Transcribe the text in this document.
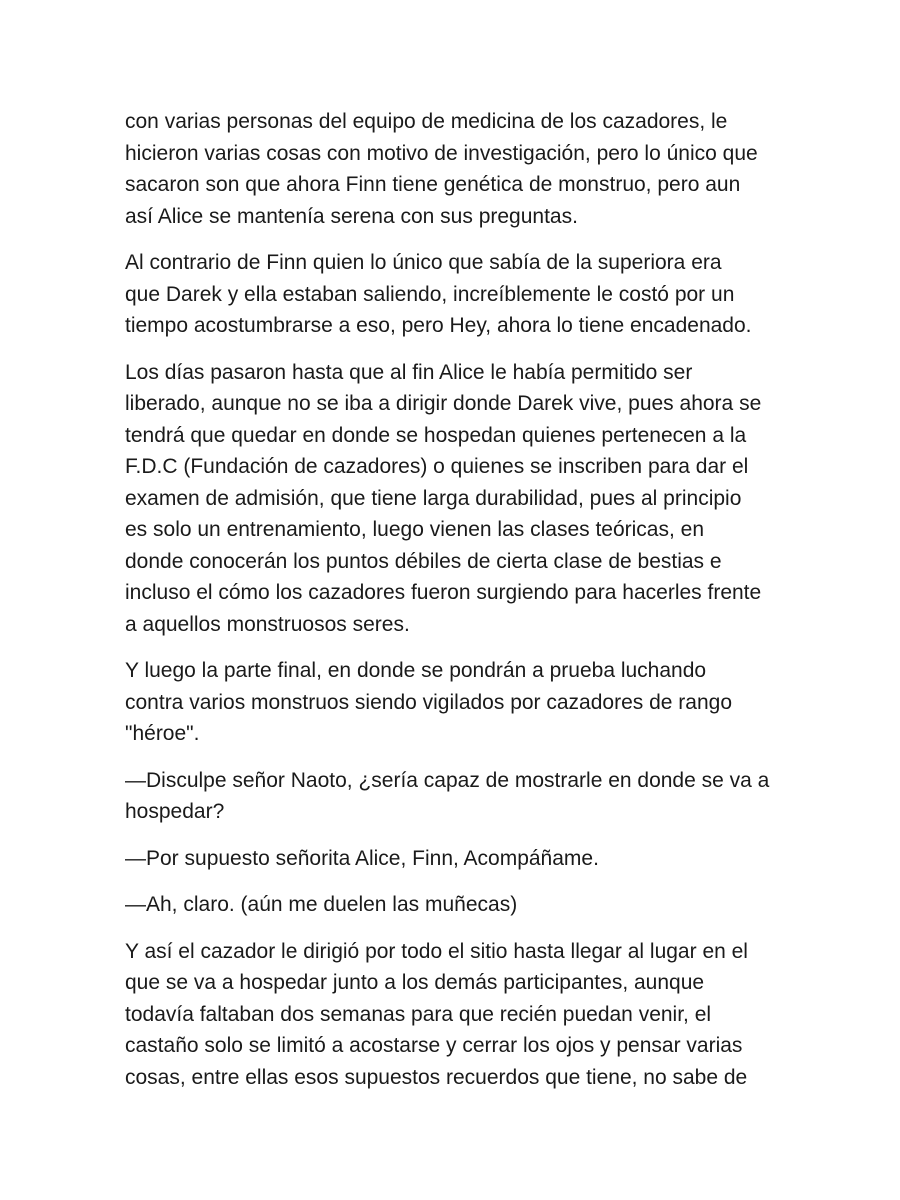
con varias personas del equipo de medicina de los cazadores, le
hicieron varias cosas con motivo de investigación, pero lo único que
sacaron son que ahora Finn tiene genética de monstruo, pero aun
así Alice se mantenía serena con sus preguntas.

Al contrario de Finn quien lo único que sabía de la superiora era
que Darek y ella estaban saliendo, increíblemente le costó por un
tiempo acostumbrarse a eso, pero Hey, ahora lo tiene encadenado.

Los días pasaron hasta que al fin Alice le había permitido ser
liberado, aunque no se iba a dirigir donde Darek vive, pues ahora se
tendrá que quedar en donde se hospedan quienes pertenecen a la
F.D.C (Fundación de cazadores) o quienes se inscriben para dar el
examen de admisión, que tiene larga durabilidad, pues al principio
es solo un entrenamiento, luego vienen las clases teóricas, en
donde conocerán los puntos débiles de cierta clase de bestias e
incluso el cómo los cazadores fueron surgiendo para hacerles frente
a aquellos monstruosos seres.

Y luego la parte final, en donde se pondrán a prueba luchando
contra varios monstruos siendo vigilados por cazadores de rango
"héroe".

—Disculpe señor Naoto, ¿sería capaz de mostrarle en donde se va a
hospedar?

—Por supuesto señorita Alice, Finn, Acompáñame.

—Ah, claro. (aún me duelen las muñecas)

Y así el cazador le dirigió por todo el sitio hasta llegar al lugar en el
que se va a hospedar junto a los demás participantes, aunque
todavía faltaban dos semanas para que recién puedan venir, el
castaño solo se limitó a acostarse y cerrar los ojos y pensar varias
cosas, entre ellas esos supuestos recuerdos que tiene, no sabe de
